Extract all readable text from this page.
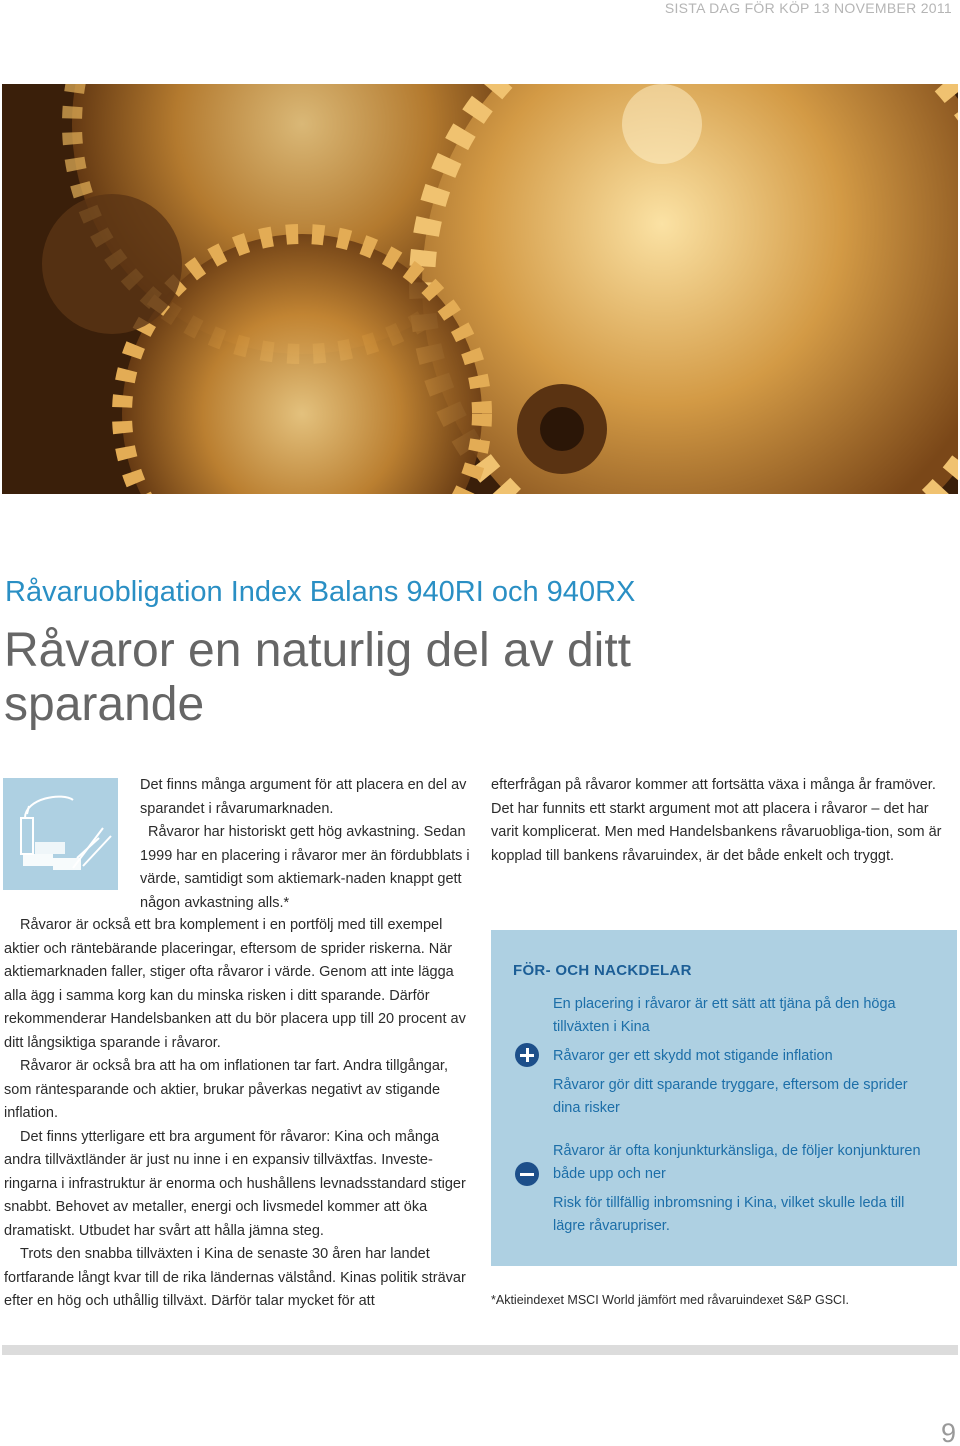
SISTA DAG FÖR KÖP 13 NOVEMBER 2011
Råvaruobligation Index Balans 940RI och 940RX
Råvaror en naturlig del av ditt sparande

Det finns många argument för att placera en del av sparandet i råvarumarknaden.

Råvaror har historiskt gett hög avkastning. Sedan 1999 har en placering i råvaror mer än fördubblats i värde, samtidigt som aktiemark-naden knappt gett någon avkastning alls.*

Råvaror är också ett bra komplement i en portfölj med till exempel aktier och räntebärande placeringar, eftersom de sprider riskerna. När aktiemarknaden faller, stiger ofta råvaror i värde. Genom att inte lägga alla ägg i samma korg kan du minska risken i ditt sparande. Därför rekommenderar Handelsbanken att du bör placera upp till 20 procent av ditt långsiktiga sparande i råvaror.

Råvaror är också bra att ha om inflationen tar fart. Andra tillgångar, som räntesparande och aktier, brukar påverkas negativt av stigande inflation.

Det finns ytterligare ett bra argument för råvaror: Kina och många andra tillväxtländer är just nu inne i en expansiv tillväxtfas. Investe-ringarna i infrastruktur är enorma och hushållens levnadsstandard stiger snabbt. Behovet av metaller, energi och livsmedel kommer att öka dramatiskt. Utbudet har svårt att hålla jämna steg.

Trots den snabba tillväxten i Kina de senaste 30 åren har landet fortfarande långt kvar till de rika ländernas välstånd. Kinas politik strävar efter en hög och uthållig tillväxt. Därför talar mycket för att

efterfrågan på råvaror kommer att fortsätta växa i många år framöver. Det har funnits ett starkt argument mot att placera i råvaror – det har varit komplicerat. Men med Handelsbankens råvaruobliga-tion, som är kopplad till bankens råvaruindex, är det både enkelt och tryggt.

FÖR- OCH NACKDELAR
En placering i råvaror är ett sätt att tjäna på den höga tillväxten i Kina
Råvaror ger ett skydd mot stigande inflation
Råvaror gör ditt sparande tryggare, eftersom de sprider dina risker
Råvaror är ofta konjunkturkänsliga, de följer konjunkturen både upp och ner
Risk för tillfällig inbromsning i Kina, vilket skulle leda till lägre råvarupriser.
*Aktieindexet MSCI World jämfört med råvaruindexet S&P GSCI.
9
